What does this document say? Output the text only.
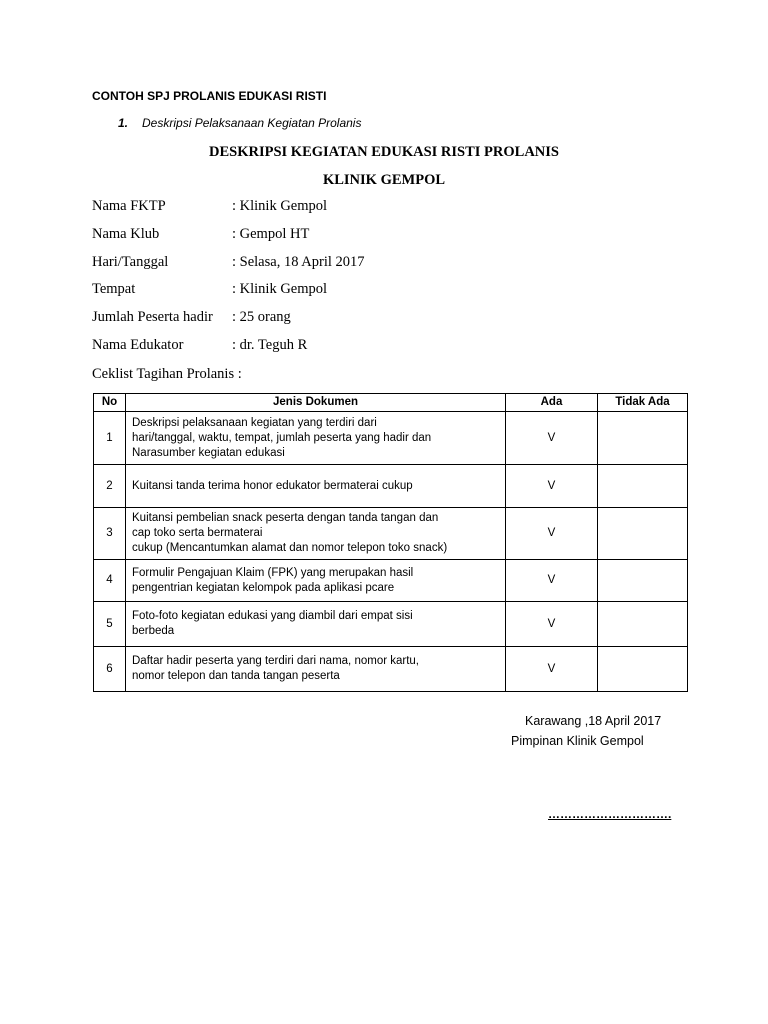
CONTOH SPJ PROLANIS EDUKASI RISTI
1. Deskripsi Pelaksanaan Kegiatan Prolanis
DESKRIPSI KEGIATAN EDUKASI RISTI PROLANIS
KLINIK GEMPOL
Nama FKTP	: Klinik Gempol
Nama Klub	: Gempol HT
Hari/Tanggal	: Selasa, 18 April 2017
Tempat	: Klinik Gempol
Jumlah Peserta hadir : 25 orang
Nama Edukator	: dr. Teguh R
Ceklist Tagihan Prolanis :
No	Jenis Dokumen	Ada	Tidak Ada
1	Deskripsi pelaksanaan kegiatan yang terdiri dari
hari/tanggal, waktu, tempat, jumlah peserta yang hadir dan
Narasumber kegiatan edukasi	V	
2	Kuitansi tanda terima honor edukator bermaterai cukup	V	
3	Kuitansi pembelian snack peserta dengan tanda tangan dan
cap toko serta bermaterai
cukup (Mencantumkan alamat dan nomor telepon toko snack)	V	
4	Formulir Pengajuan Klaim (FPK) yang merupakan hasil
pengentrian kegiatan kelompok pada aplikasi pcare	V	
5	Foto-foto kegiatan edukasi yang diambil dari empat sisi
berbeda	V	
6	Daftar hadir peserta yang terdiri dari nama, nomor kartu,
nomor telepon dan tanda tangan peserta	V	
Karawang ,18 April 2017
Pimpinan Klinik Gempol
………………………….
